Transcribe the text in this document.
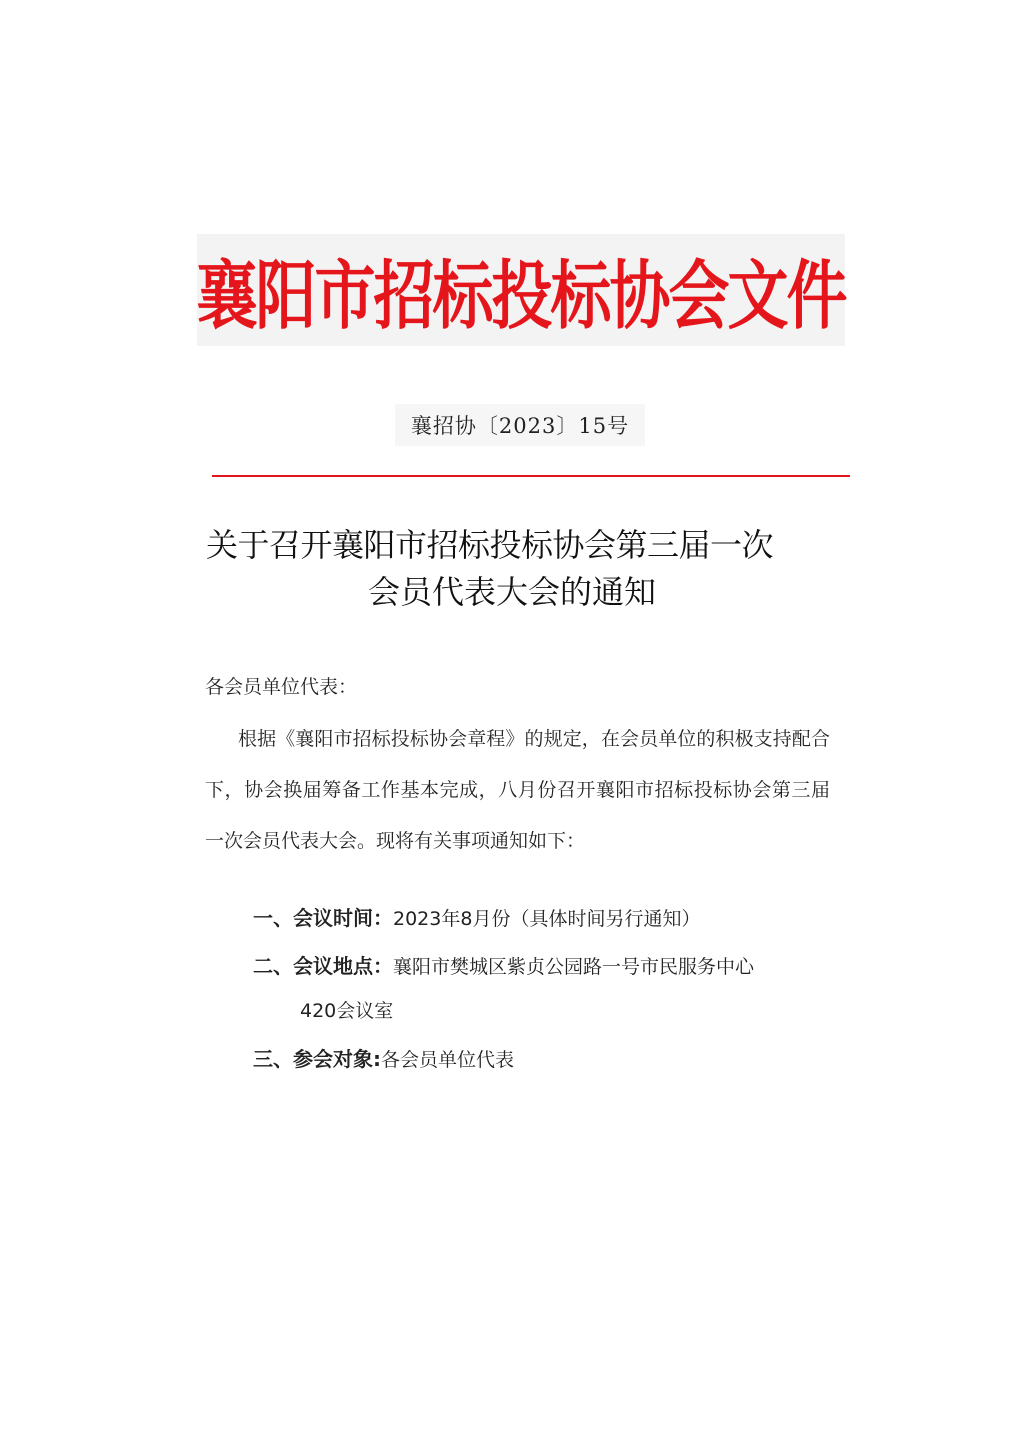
襄阳市招标投标协会文件
襄招协〔2023〕15号
关于召开襄阳市招标投标协会第三届一次
会员代表大会的通知
各会员单位代表：
根据《襄阳市招标投标协会章程》的规定，在会员单位的积极支持配合下，协会换届筹备工作基本完成，八月份召开襄阳市招标投标协会第三届一次会员代表大会。现将有关事项通知如下：
一、会议时间：2023年8月份（具体时间另行通知）
二、会议地点：襄阳市樊城区紫贞公园路一号市民服务中心
420会议室
三、参会对象:各会员单位代表
